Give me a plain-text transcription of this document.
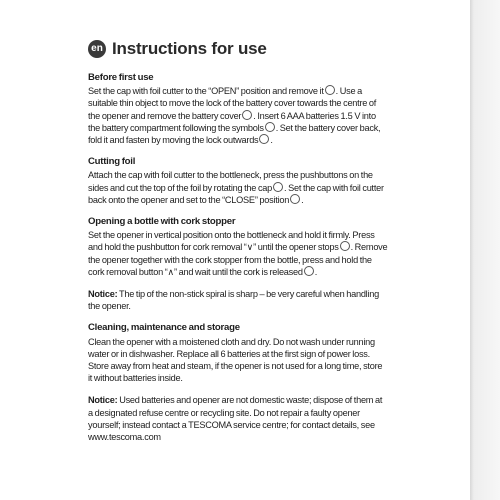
en Instructions for use
Before first use

Set the cap with foil cutter to the “OPEN” position and remove it . Use a suitable thin object to move the lock of the battery cover towards the centre of the opener and remove the battery cover . Insert 6 AAA batteries 1.5 V into the battery compartment following the symbols . Set the battery cover back, fold it and fasten by moving the lock outwards .

Cutting foil

Attach the cap with foil cutter to the bottleneck, press the pushbuttons on the sides and cut the top of the foil by rotating the cap . Set the cap with foil cutter back onto the opener and set to the “CLOSE” position .

Opening a bottle with cork stopper

Set the opener in vertical position onto the bottleneck and hold it firmly. Press and hold the pushbutton for cork removal “∨” until the opener stops . Remove the opener together with the cork stopper from the bottle, press and hold the cork removal button “∧” and wait until the cork is released .

Notice: The tip of the non-stick spiral is sharp – be very careful when handling the opener.

Cleaning, maintenance and storage

Clean the opener with a moistened cloth and dry. Do not wash under running water or in dishwasher. Replace all 6 batteries at the first sign of power loss. Store away from heat and steam, if the opener is not used for a long time, store it without batteries inside.

Notice: Used batteries and opener are not domestic waste; dispose of them at a designated refuse centre or recycling site. Do not repair a faulty opener yourself; instead contact a TESCOMA service centre; for contact details, see www.tescoma.com
